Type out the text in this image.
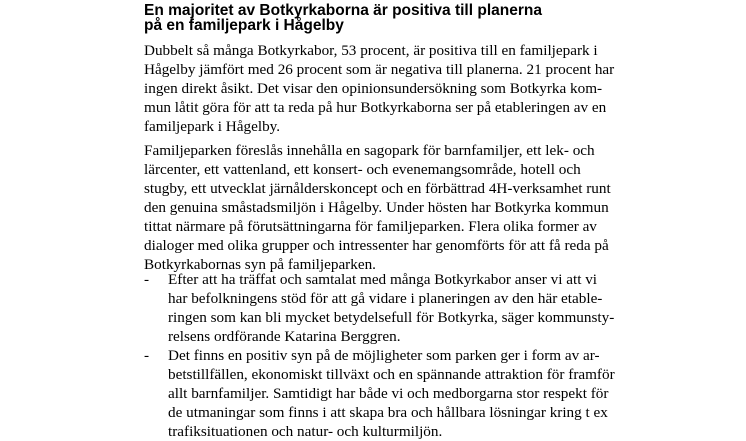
En majoritet av Botkyrkaborna är positiva till planerna
på en familjepark i Hågelby

Dubbelt så många Botkyrkabor, 53 procent, är positiva till en familjepark i
Hågelby jämfört med 26 procent som är negativa till planerna. 21 procent har
ingen direkt åsikt. Det visar den opinionsundersökning som Botkyrka kom-
mun låtit göra för att ta reda på hur Botkyrkaborna ser på etableringen av en
familjepark i Hågelby.

Familjeparken föreslås innehålla en sagopark för barnfamiljer, ett lek- och
lärcenter, ett vattenland, ett konsert- och evenemangsområde, hotell och
stugby, ett utvecklat järnålderskoncept och en förbättrad 4H-verksamhet runt
den genuina småstadsmiljön i Hågelby. Under hösten har Botkyrka kommun
tittat närmare på förutsättningarna för familjeparken. Flera olika former av
dialoger med olika grupper och intressenter har genomförts för att få reda på
Botkyrkabornas syn på familjeparken.

- Efter att ha träffat och samtalat med många Botkyrkabor anser vi att vi
har befolkningens stöd för att gå vidare i planeringen av den här etable-
ringen som kan bli mycket betydelsefull för Botkyrka, säger kommunsty-
relsens ordförande Katarina Berggren.
- Det finns en positiv syn på de möjligheter som parken ger i form av ar-
betstillfällen, ekonomiskt tillväxt och en spännande attraktion för framför
allt barnfamiljer. Samtidigt har både vi och medborgarna stor respekt för
de utmaningar som finns i att skapa bra och hållbara lösningar kring t ex
trafiksituationen och natur- och kulturmiljön.
